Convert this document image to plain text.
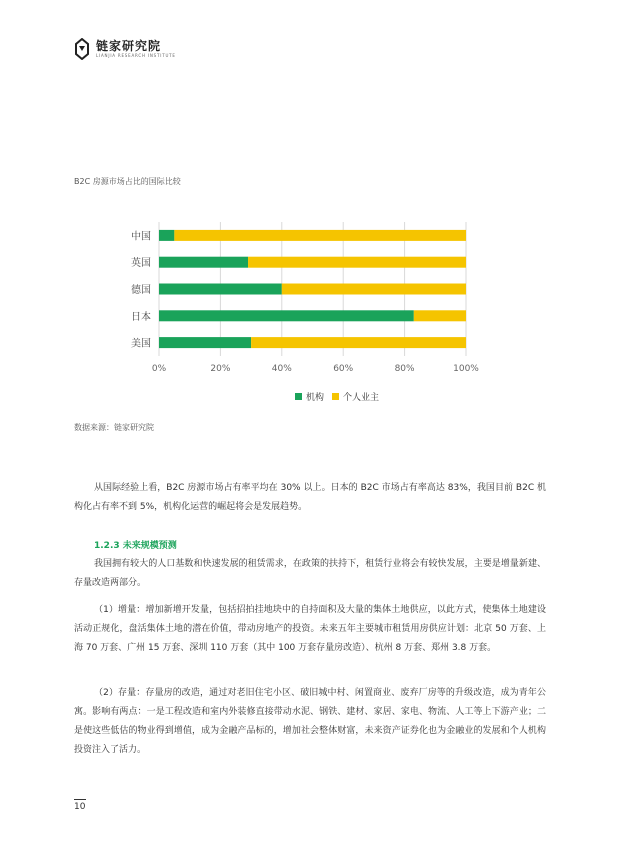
链家研究院
LIANJIA RESEARCH INSTITUTE
B2C 房源市场占比的国际比较
0%	20%	40%	60%	80%	100%
中国
英国
德国
日本
美国
机构 个人业主
数据来源：链家研究院

从国际经验上看，B2C 房源市场占有率平均在 30% 以上。日本的 B2C 市场占有率高达 83%，我国目前 B2C 机构化占有率不到 5%，机构化运营的崛起将会是发展趋势。

1.2.3 未来规模预测

我国拥有较大的人口基数和快速发展的租赁需求，在政策的扶持下，租赁行业将会有较快发展，主要是增量新建、存量改造两部分。

（1）增量：增加新增开发量，包括招拍挂地块中的自持面积及大量的集体土地供应，以此方式，使集体土地建设活动正规化，盘活集体土地的潜在价值，带动房地产的投资。未来五年主要城市租赁用房供应计划：北京 50 万套、上海 70 万套、广州 15 万套、深圳 110 万套（其中 100 万套存量房改造）、杭州 8 万套、郑州 3.8 万套。

（2）存量：存量房的改造，通过对老旧住宅小区、破旧城中村、闲置商业、废弃厂房等的升级改造，成为青年公寓。影响有两点：一是工程改造和室内外装修直接带动水泥、钢铁、建材、家居、家电、物流、人工等上下游产业；二是使这些低估的物业得到增值，成为金融产品标的，增加社会整体财富，未来资产证券化也为金融业的发展和个人机构投资注入了活力。

10
